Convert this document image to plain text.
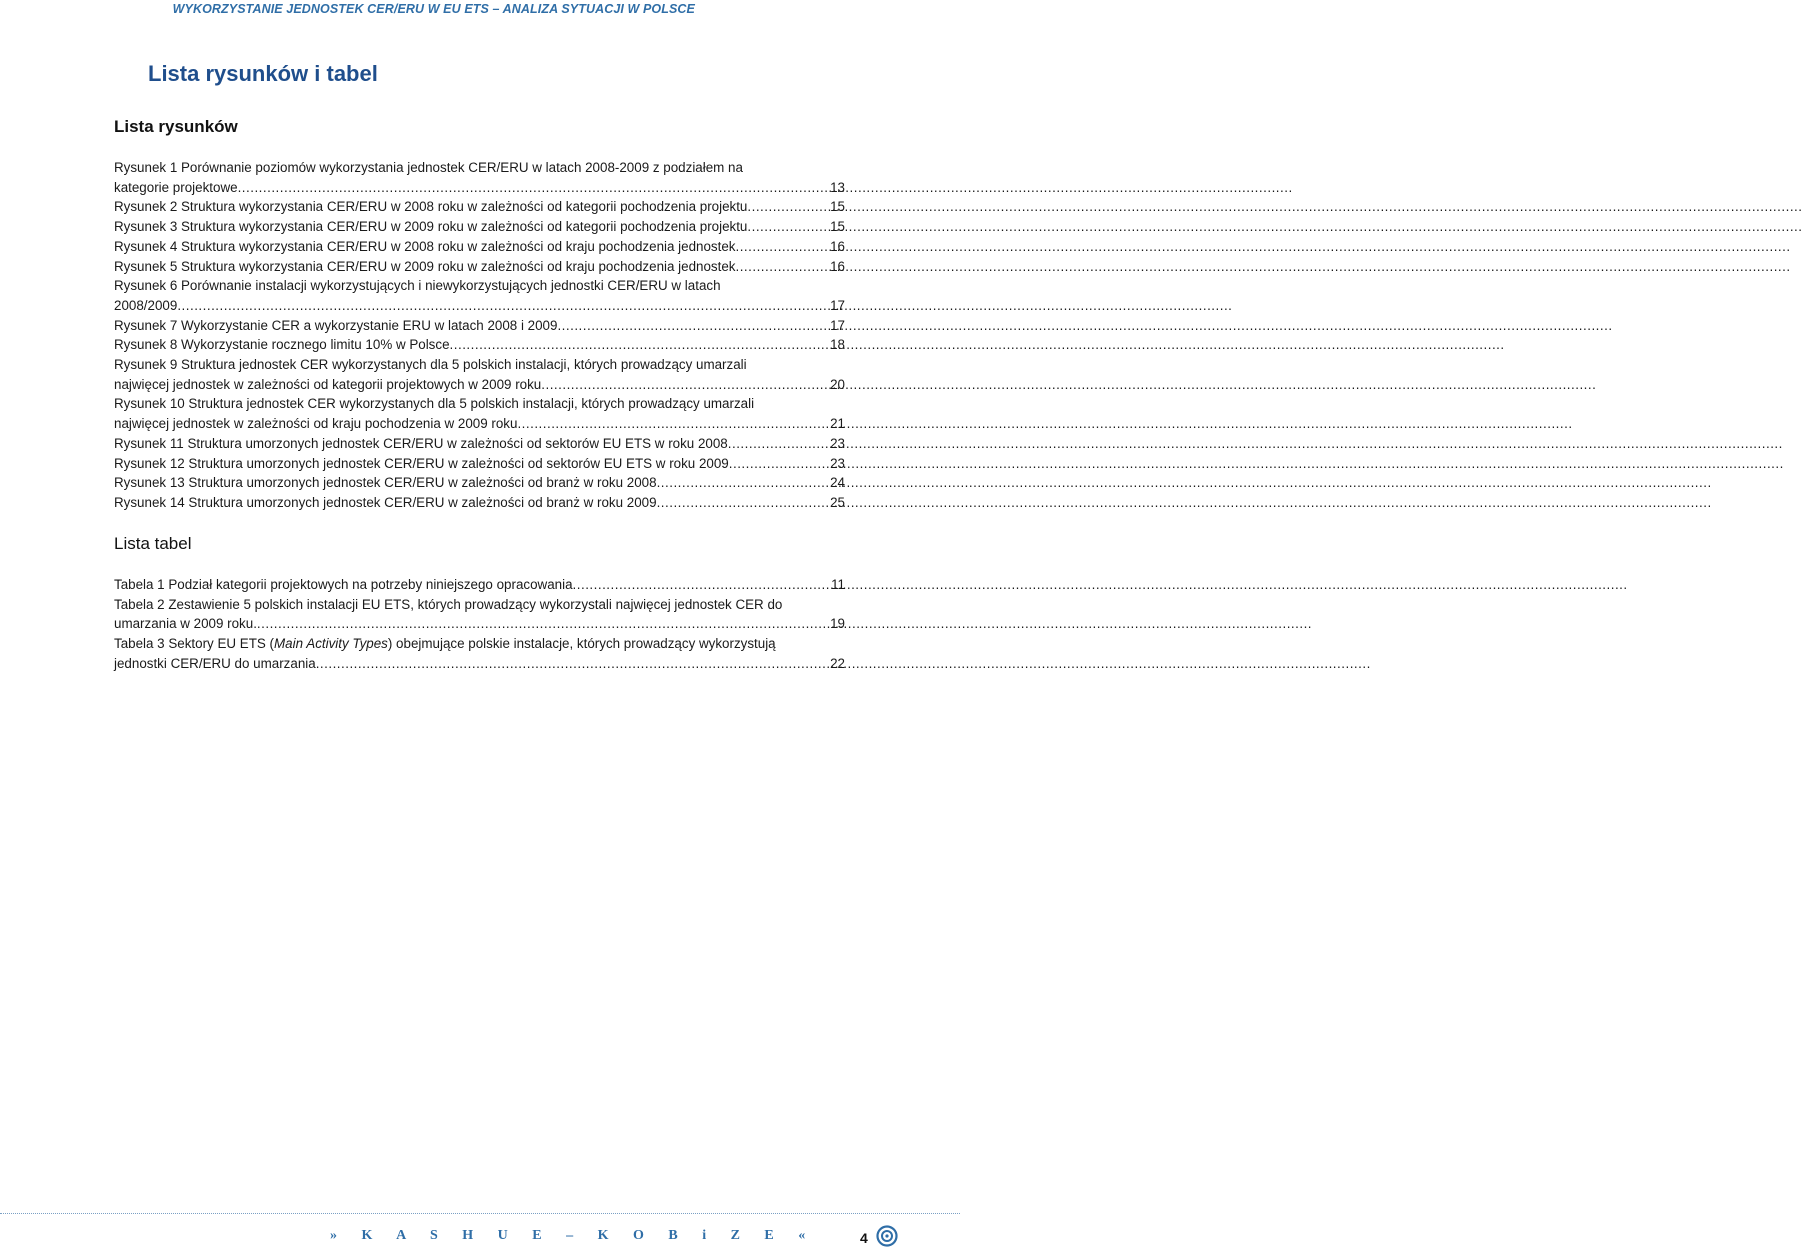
WYKORZYSTANIE JEDNOSTEK CER/ERU W EU ETS – ANALIZA SYTUACJI W POLSCE
Lista rysunków i tabel
Lista rysunków
Rysunek 1 Porównanie poziomów wykorzystania jednostek CER/ERU w latach 2008-2009 z podziałem na
kategorie projektowe .....	13
Rysunek 2 Struktura wykorzystania CER/ERU w 2008 roku w zależności od kategorii pochodzenia projektu .....	15
Rysunek 3 Struktura wykorzystania CER/ERU w 2009 roku w zależności od kategorii pochodzenia projektu .....	15
Rysunek 4 Struktura wykorzystania CER/ERU w 2008 roku w zależności od kraju pochodzenia jednostek .....	16
Rysunek 5 Struktura wykorzystania CER/ERU w 2009 roku w zależności od kraju pochodzenia jednostek .....	16
Rysunek 6 Porównanie instalacji wykorzystujących i niewykorzystujących jednostki CER/ERU w latach
2008/2009 .....	17
Rysunek 7 Wykorzystanie CER a wykorzystanie ERU w latach 2008 i 2009 .....	17
Rysunek 8 Wykorzystanie rocznego limitu 10% w Polsce .....	18
Rysunek 9 Struktura jednostek CER wykorzystanych dla 5 polskich instalacji, których prowadzący umarzali
najwięcej jednostek w zależności od kategorii projektowych w 2009 roku .....	20
Rysunek 10 Struktura jednostek CER wykorzystanych dla 5 polskich instalacji, których prowadzący umarzali
najwięcej jednostek w zależności od kraju pochodzenia w 2009 roku .....	21
Rysunek 11 Struktura umorzonych jednostek CER/ERU w zależności od sektorów EU ETS w roku 2008 .....	23
Rysunek 12 Struktura umorzonych jednostek CER/ERU w zależności od sektorów EU ETS w roku 2009 .....	23
Rysunek 13 Struktura umorzonych jednostek CER/ERU w zależności od branż w roku 2008 .....	24
Rysunek 14 Struktura umorzonych jednostek CER/ERU w zależności od branż w roku 2009 .....	25
Lista tabel
Tabela 1 Podział kategorii projektowych na potrzeby niniejszego opracowania .....	11
Tabela 2 Zestawienie 5 polskich instalacji EU ETS, których prowadzący wykorzystali najwięcej jednostek CER do
umarzania w 2009 roku. .....	19
Tabela 3 Sektory EU ETS (Main Activity Types) obejmujące polskie instalacje, których prowadzący wykorzystują
jednostki CER/ERU do umarzania .....	22
» K A S H U E – K O B i Z E «	4
